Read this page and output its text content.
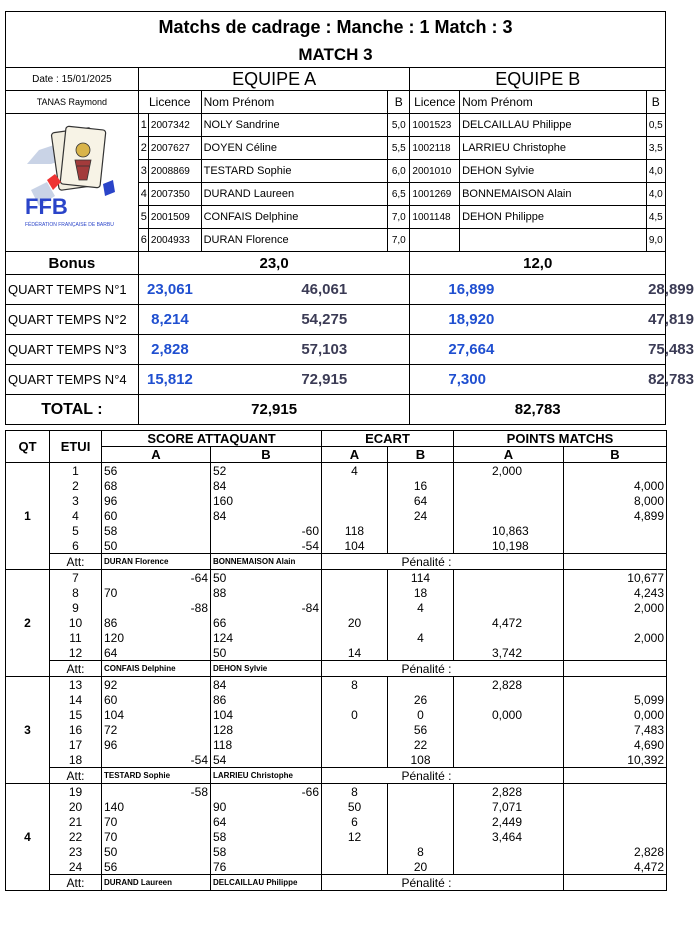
Matchs de cadrage : Manche : 1 Match : 3							
MATCH 3							
Date : 15/01/2025	EQUIPE A				EQUIPE B		
TANAS Raymond	Licence		Nom Prénom	B	Licence	Nom Prénom	B

FFB
FÉDÉRATION FRANÇAISE DE BARBU	1	2007342	NOLY Sandrine	5,0	1001523	DELCAILLAU Philippe	0,5
	2	2007627	DOYEN Céline	5,5	1002118	LARRIEU Christophe	3,5
	3	2008869	TESTARD Sophie	6,0	2001010	DEHON Sylvie	4,0
	4	2007350	DURAND Laureen	6,5	1001269	BONNEMAISON Alain	4,0
	5	2001509	CONFAIS Delphine	7,0	1001148	DEHON Philippe	4,5
	6	2004933	DURAN Florence	7,0			9,0
Bonus	23,0				12,0		
QUART TEMPS N°1	23,061		46,061		16,899		28,899
QUART TEMPS N°2	8,214		54,275		18,920		47,819
QUART TEMPS N°3	2,828		57,103		27,664		75,483
QUART TEMPS N°4	15,812		72,915		7,300		82,783
TOTAL :	72,915				82,783		
QT	ETUI	SCORE ATTAQUANT				ECART		POINTS MATCHS	
		A		B		A	B	A	B
1	1	56		52		4		2,000	
	2	68		84			16		4,000
	3	96		160			64		8,000
	4	60		84			24		4,899
	5	58			-60	118		10,863	
	6	50			-54	104		10,198	
	Att:	DURAN Florence		BONNEMAISON Alain		Pénalité :			
2	7		-64	50			114		10,677
	8	70		88			18		4,243
	9		-88		-84		4		2,000
	10	86		66		20		4,472	
	11	120		124			4		2,000
	12	64		50		14		3,742	
	Att:	CONFAIS Delphine		DEHON Sylvie		Pénalité :			
3	13	92		84		8		2,828	
	14	60		86			26		5,099
	15	104		104		0	0	0,000	0,000
	16	72		128			56		7,483
	17	96		118			22		4,690
	18		-54	54			108		10,392
	Att:	TESTARD Sophie		LARRIEU Christophe		Pénalité :			
4	19		-58		-66	8		2,828	
	20	140		90		50		7,071	
	21	70		64		6		2,449	
	22	70		58		12		3,464	
	23	50		58			8		2,828
	24	56		76			20		4,472
	Att:	DURAND Laureen		DELCAILLAU Philippe		Pénalité :			
